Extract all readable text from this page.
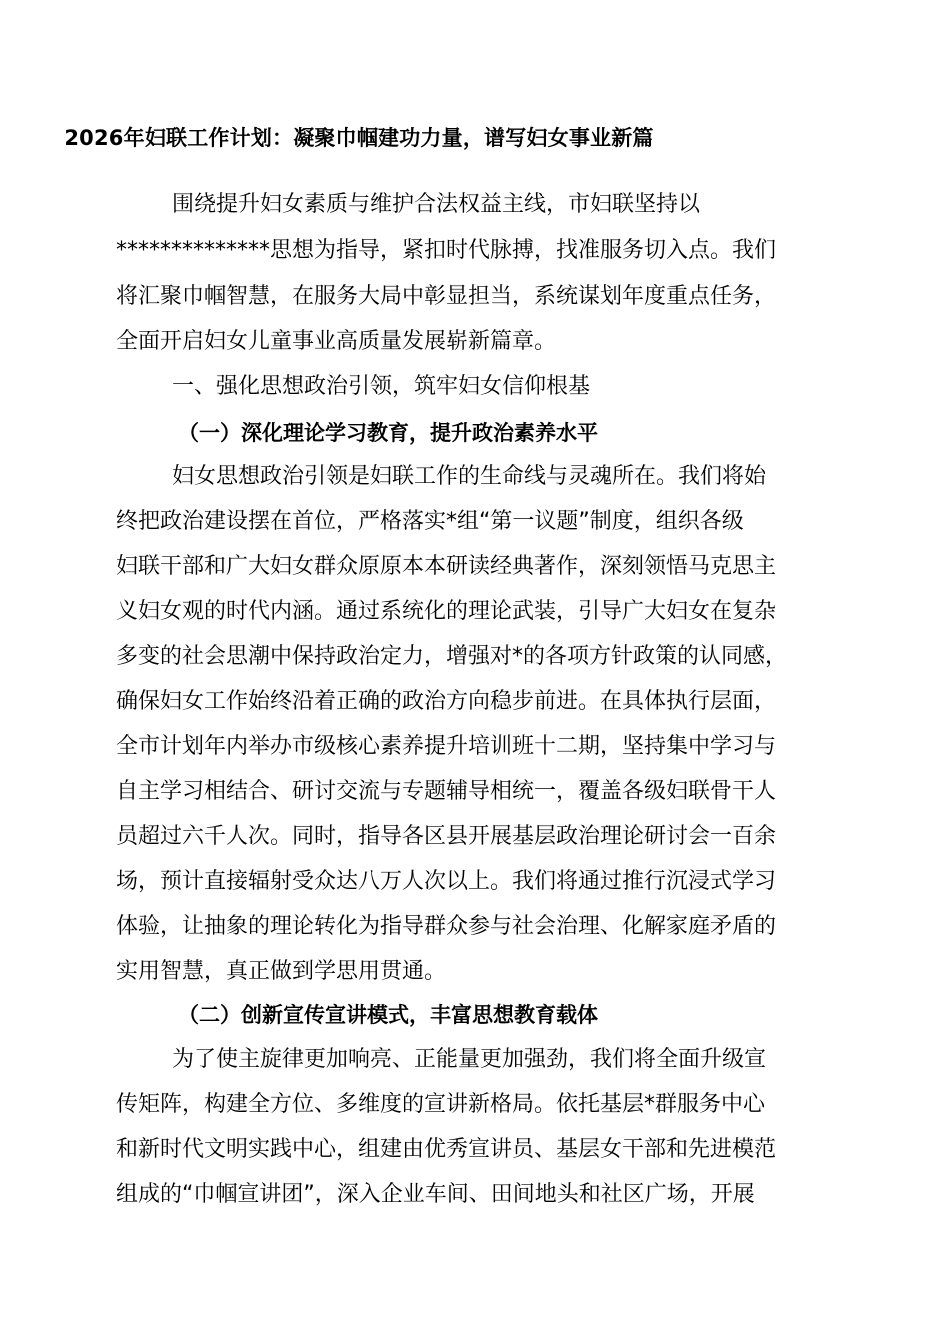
2026年妇联工作计划：凝聚巾帼建功力量，谱写妇女事业新篇
围绕提升妇女素质与维护合法权益主线，市妇联坚持以
**************思想为指导，紧扣时代脉搏，找准服务切入点。我们
将汇聚巾帼智慧，在服务大局中彰显担当，系统谋划年度重点任务，
全面开启妇女儿童事业高质量发展崭新篇章。
一、强化思想政治引领，筑牢妇女信仰根基
（一）深化理论学习教育，提升政治素养水平
妇女思想政治引领是妇联工作的生命线与灵魂所在。我们将始
终把政治建设摆在首位，严格落实*组“第一议题”制度，组织各级
妇联干部和广大妇女群众原原本本研读经典著作，深刻领悟马克思主
义妇女观的时代内涵。通过系统化的理论武装，引导广大妇女在复杂
多变的社会思潮中保持政治定力，增强对*的各项方针政策的认同感，
确保妇女工作始终沿着正确的政治方向稳步前进。在具体执行层面，
全市计划年内举办市级核心素养提升培训班十二期，坚持集中学习与
自主学习相结合、研讨交流与专题辅导相统一，覆盖各级妇联骨干人
员超过六千人次。同时，指导各区县开展基层政治理论研讨会一百余
场，预计直接辐射受众达八万人次以上。我们将通过推行沉浸式学习
体验，让抽象的理论转化为指导群众参与社会治理、化解家庭矛盾的
实用智慧，真正做到学思用贯通。
（二）创新宣传宣讲模式，丰富思想教育载体
为了使主旋律更加响亮、正能量更加强劲，我们将全面升级宣
传矩阵，构建全方位、多维度的宣讲新格局。依托基层*群服务中心
和新时代文明实践中心，组建由优秀宣讲员、基层女干部和先进模范
组成的“巾帼宣讲团”，深入企业车间、田间地头和社区广场，开展
